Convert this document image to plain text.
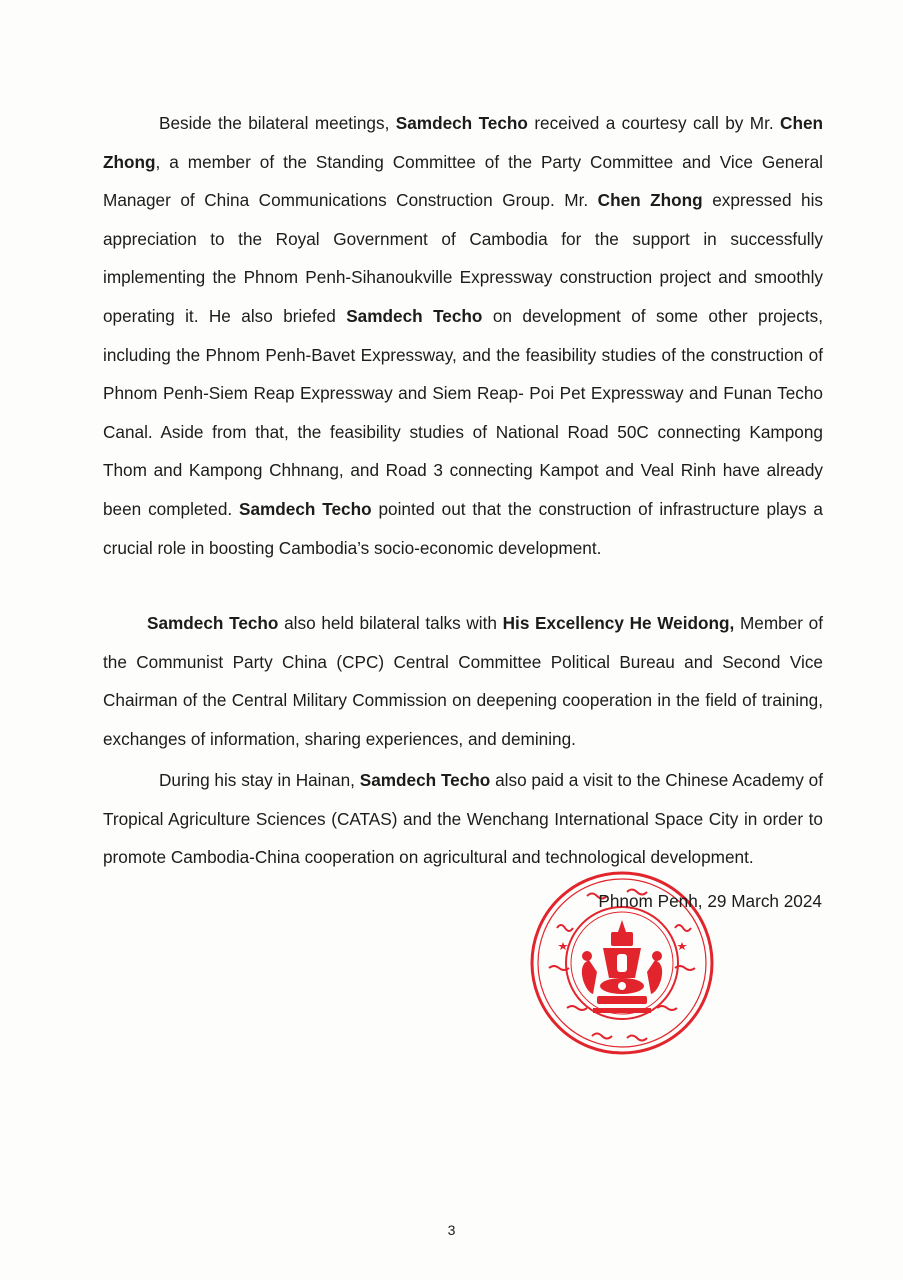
Beside the bilateral meetings, Samdech Techo received a courtesy call by Mr. Chen Zhong, a member of the Standing Committee of the Party Committee and Vice General Manager of China Communications Construction Group. Mr. Chen Zhong expressed his appreciation to the Royal Government of Cambodia for the support in successfully implementing the Phnom Penh-Sihanoukville Expressway construction project and smoothly operating it. He also briefed Samdech Techo on development of some other projects, including the Phnom Penh-Bavet Expressway, and the feasibility studies of the construction of Phnom Penh-Siem Reap Expressway and Siem Reap- Poi Pet Expressway and Funan Techo Canal. Aside from that, the feasibility studies of National Road 50C connecting Kampong Thom and Kampong Chhnang, and Road 3 connecting Kampot and Veal Rinh have already been completed. Samdech Techo pointed out that the construction of infrastructure plays a crucial role in boosting Cambodia’s socio-economic development.

Samdech Techo also held bilateral talks with His Excellency He Weidong, Member of the Communist Party China (CPC) Central Committee Political Bureau and Second Vice Chairman of the Central Military Commission on deepening cooperation in the field of training, exchanges of information, sharing experiences, and demining.

During his stay in Hainan, Samdech Techo also paid a visit to the Chinese Academy of Tropical Agriculture Sciences (CATAS) and the Wenchang International Space City in order to promote Cambodia-China cooperation on agricultural and technological development.

Phnom Penh, 29 March 2024
3
